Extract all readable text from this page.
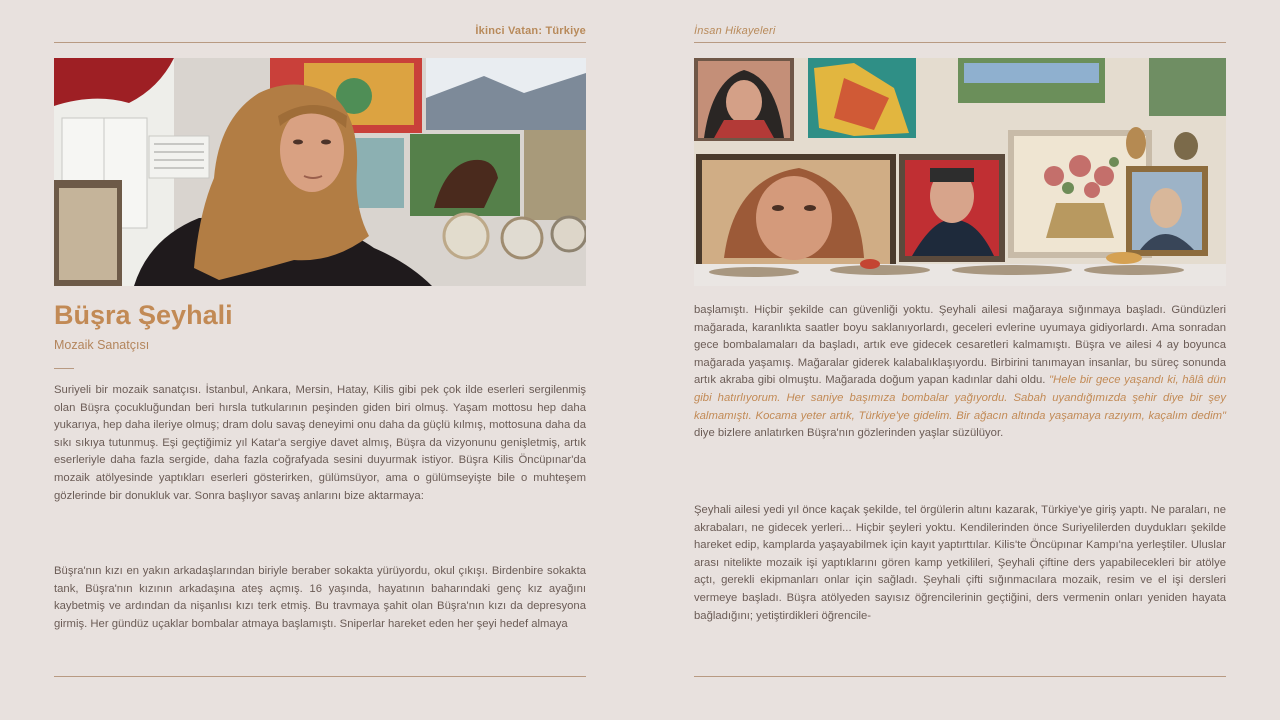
İkinci Vatan: Türkiye
Büşra Şeyhali

Mozaik Sanatçısı

Suriyeli bir mozaik sanatçısı. İstanbul, Ankara, Mersin, Hatay, Kilis gibi pek çok ilde eserleri sergilenmiş olan Büşra çocukluğundan beri hırsla tutkularının peşinden giden biri olmuş. Yaşam mottosu hep daha yukarıya, hep daha ileriye olmuş; dram dolu savaş deneyimi onu daha da güçlü kılmış, mottosuna daha da sıkı sıkıya tutunmuş. Eşi geçtiğimiz yıl Katar'a sergiye davet almış, Büşra da vizyonunu genişletmiş, artık eserleriyle daha fazla sergide, daha fazla coğrafyada sesini duyurmak istiyor. Büşra Kilis Öncüpınar'da mozaik atölyesinde yaptıkları eserleri gösterirken, gülümsüyor, ama o gülümseyişte bile o muhteşem gözlerinde bir donukluk var. Sonra başlıyor savaş anlarını bize aktarmaya:

Büşra'nın kızı en yakın arkadaşlarından biriyle beraber sokakta yürüyordu, okul çıkışı. Birdenbire sokakta tank, Büşra'nın kızının arkadaşına ateş açmış. 16 yaşında, hayatının baharındaki genç kız ayağını kaybetmiş ve ardından da nişanlısı kızı terk etmiş. Bu travmaya şahit olan Büşra'nın kızı da depresyona girmiş. Her gündüz uçaklar bombalar atmaya başlamıştı. Sniperlar hareket eden her şeyi hedef almaya

İnsan Hikayeleri

başlamıştı. Hiçbir şekilde can güvenliği yoktu. Şeyhali ailesi mağaraya sığınmaya başladı. Gündüzleri mağarada, karanlıkta saatler boyu saklanıyorlardı, geceleri evlerine uyumaya gidiyorlardı. Ama sonradan gece bombalamaları da başladı, artık eve gidecek cesaretleri kalmamıştı. Büşra ve ailesi 4 ay boyunca mağarada yaşamış. Mağaralar giderek kalabalıklaşıyordu. Birbirini tanımayan insanlar, bu süreç sonunda artık akraba gibi olmuştu. Mağarada doğum yapan kadınlar dahi oldu. "Hele bir gece yaşandı ki, hâlâ dün gibi hatırlıyorum. Her saniye başımıza bombalar yağıyordu. Sabah uyandığımızda şehir diye bir şey kalmamıştı. Kocama yeter artık, Türkiye'ye gidelim. Bir ağacın altında yaşamaya razıyım, kaçalım dedim" diye bizlere anlatırken Büşra'nın gözlerinden yaşlar süzülüyor.

Şeyhali ailesi yedi yıl önce kaçak şekilde, tel örgülerin altını kazarak, Türkiye'ye giriş yaptı. Ne paraları, ne akrabaları, ne gidecek yerleri... Hiçbir şeyleri yoktu. Kendilerinden önce Suriyelilerden duydukları şekilde hareket edip, kamplarda yaşayabilmek için kayıt yaptırttılar. Kilis'te Öncüpınar Kampı'na yerleştiler. Uluslar arası nitelikte mozaik işi yaptıklarını gören kamp yetkilileri, Şeyhali çiftine ders yapabilecekleri bir atölye açtı, gerekli ekipmanları onlar için sağladı. Şeyhali çifti sığınmacılara mozaik, resim ve el işi dersleri vermeye başladı. Büşra atölyeden sayısız öğrencilerinin geçtiğini, ders vermenin onları yeniden hayata bağladığını; yetiştirdikleri öğrencile-
